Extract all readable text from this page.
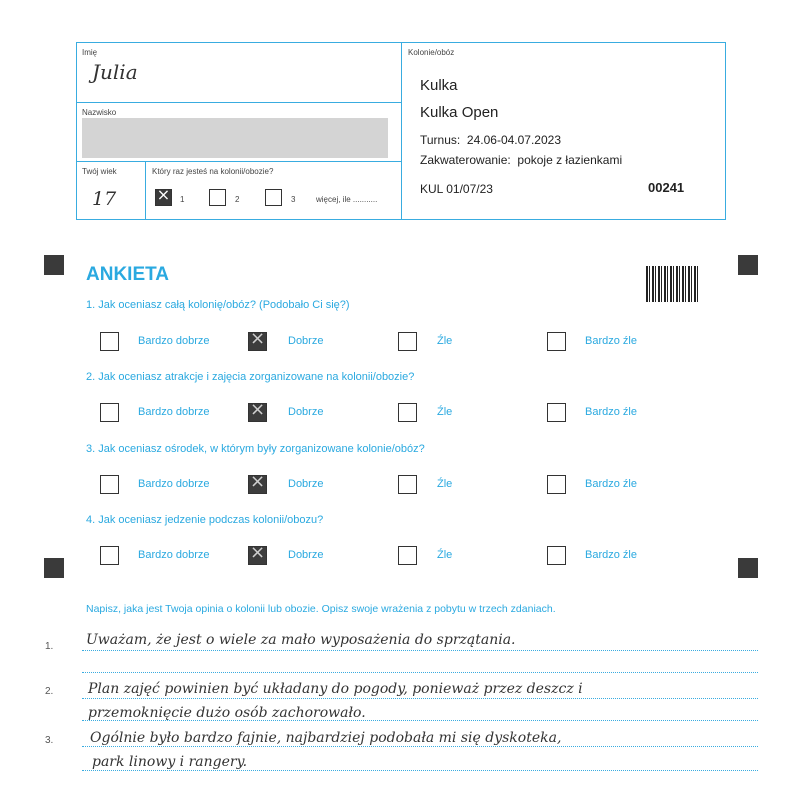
Imię
Julia
Nazwisko
Twój wiek
17
Który raz jesteś na kolonii/obozie?
×
1	2	3	więcej, ile ...........
Kolonie/obóz
Kulka
Kulka Open
Turnus: 24.06-04.07.2023
Zakwaterowanie: pokoje z łazienkami
KUL 01/07/23	00241
ANKIETA
1. Jak oceniasz całą kolonię/obóz? (Podobało Ci się?)
Bardzo dobrze ×	Dobrze	Źle	Bardzo źle
2. Jak oceniasz atrakcje i zajęcia zorganizowane na kolonii/obozie?
Bardzo dobrze ×	Dobrze	Źle	Bardzo źle
3. Jak oceniasz ośrodek, w którym były zorganizowane kolonie/obóz?
Bardzo dobrze ×	Dobrze	Źle	Bardzo źle
4. Jak oceniasz jedzenie podczas kolonii/obozu?
Bardzo dobrze ×	Dobrze	Źle	Bardzo źle
Napisz, jaka jest Twoja opinia o kolonii lub obozie. Opisz swoje wrażenia z pobytu w trzech zdaniach.
1. Uważam, że jest o wiele za mało wyposażenia do sprzątania.
2. Plan zajęć powinien być układany do pogody, ponieważ przez deszcz i
przemoknięcie dużo osób zachorowało.
3.	Ogólnie było bardzo fajnie, najbardziej podobała mi się dyskoteka,
park linowy i rangery.
